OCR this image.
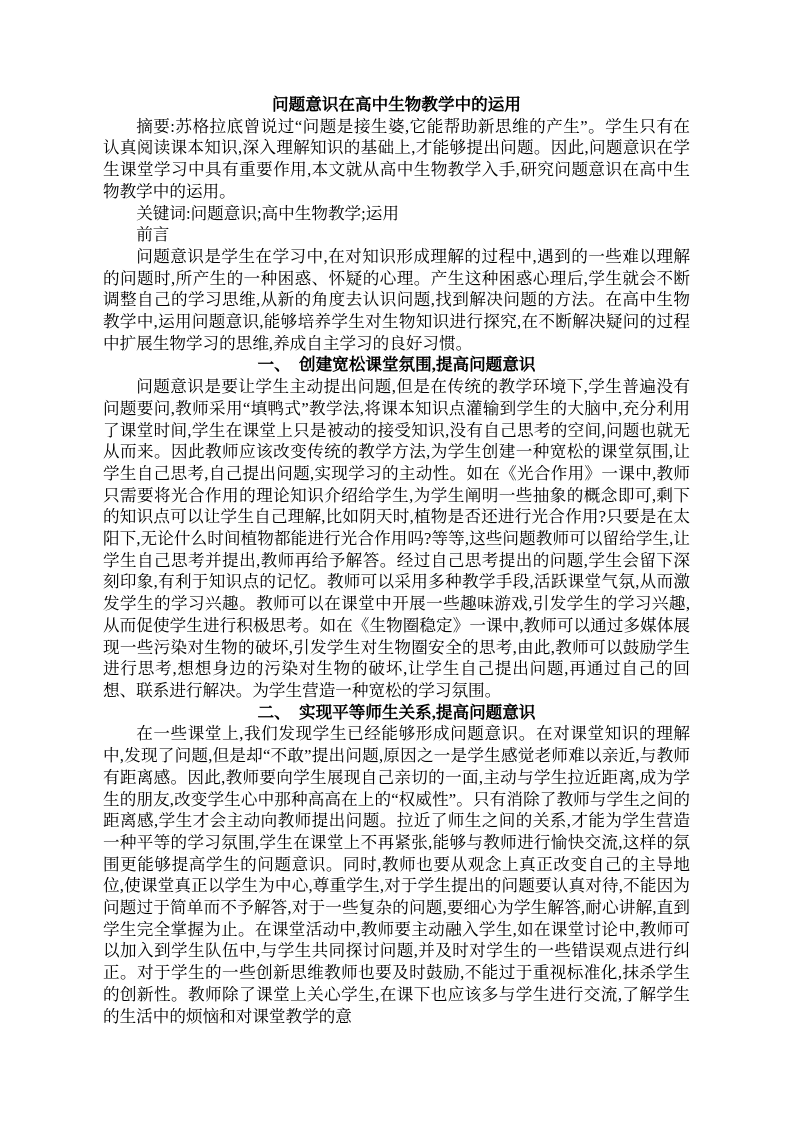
问题意识在高中生物教学中的运用

摘要:苏格拉底曾说过“问题是接生婆,它能帮助新思维的产生”。学生只有在认真阅读课本知识,深入理解知识的基础上,才能够提出问题。因此,问题意识在学生课堂学习中具有重要作用,本文就从高中生物教学入手,研究问题意识在高中生物教学中的运用。

关键词:问题意识;高中生物教学;运用

前言

问题意识是学生在学习中,在对知识形成理解的过程中,遇到的一些难以理解的问题时,所产生的一种困惑、怀疑的心理。产生这种困惑心理后,学生就会不断调整自己的学习思维,从新的角度去认识问题,找到解决问题的方法。在高中生物教学中,运用问题意识,能够培养学生对生物知识进行探究,在不断解决疑问的过程中扩展生物学习的思维,养成自主学习的良好习惯。

一、　创建宽松课堂氛围,提高问题意识

问题意识是要让学生主动提出问题,但是在传统的教学环境下,学生普遍没有问题要问,教师采用“填鸭式”教学法,将课本知识点灌输到学生的大脑中,充分利用了课堂时间,学生在课堂上只是被动的接受知识,没有自己思考的空间,问题也就无从而来。因此教师应该改变传统的教学方法,为学生创建一种宽松的课堂氛围,让学生自己思考,自己提出问题,实现学习的主动性。如在《光合作用》一课中,教师只需要将光合作用的理论知识介绍给学生,为学生阐明一些抽象的概念即可,剩下的知识点可以让学生自己理解,比如阴天时,植物是否还进行光合作用?只要是在太阳下,无论什么时间植物都能进行光合作用吗?等等,这些问题教师可以留给学生,让学生自己思考并提出,教师再给予解答。经过自己思考提出的问题,学生会留下深刻印象,有利于知识点的记忆。教师可以采用多种教学手段,活跃课堂气氛,从而激发学生的学习兴趣。教师可以在课堂中开展一些趣味游戏,引发学生的学习兴趣,从而促使学生进行积极思考。如在《生物圈稳定》一课中,教师可以通过多媒体展现一些污染对生物的破坏,引发学生对生物圈安全的思考,由此,教师可以鼓励学生进行思考,想想身边的污染对生物的破坏,让学生自己提出问题,再通过自己的回想、联系进行解决。为学生营造一种宽松的学习氛围。

二、　实现平等师生关系,提高问题意识

在一些课堂上,我们发现学生已经能够形成问题意识。在对课堂知识的理解中,发现了问题,但是却“不敢”提出问题,原因之一是学生感觉老师难以亲近,与教师有距离感。因此,教师要向学生展现自己亲切的一面,主动与学生拉近距离,成为学生的朋友,改变学生心中那种高高在上的“权威性”。只有消除了教师与学生之间的距离感,学生才会主动向教师提出问题。拉近了师生之间的关系,才能为学生营造一种平等的学习氛围,学生在课堂上不再紧张,能够与教师进行愉快交流,这样的氛围更能够提高学生的问题意识。同时,教师也要从观念上真正改变自己的主导地位,使课堂真正以学生为中心,尊重学生,对于学生提出的问题要认真对待,不能因为问题过于简单而不予解答,对于一些复杂的问题,要细心为学生解答,耐心讲解,直到学生完全掌握为止。在课堂活动中,教师要主动融入学生,如在课堂讨论中,教师可以加入到学生队伍中,与学生共同探讨问题,并及时对学生的一些错误观点进行纠正。对于学生的一些创新思维教师也要及时鼓励,不能过于重视标准化,抹杀学生的创新性。教师除了课堂上关心学生,在课下也应该多与学生进行交流,了解学生的生活中的烦恼和对课堂教学的意
